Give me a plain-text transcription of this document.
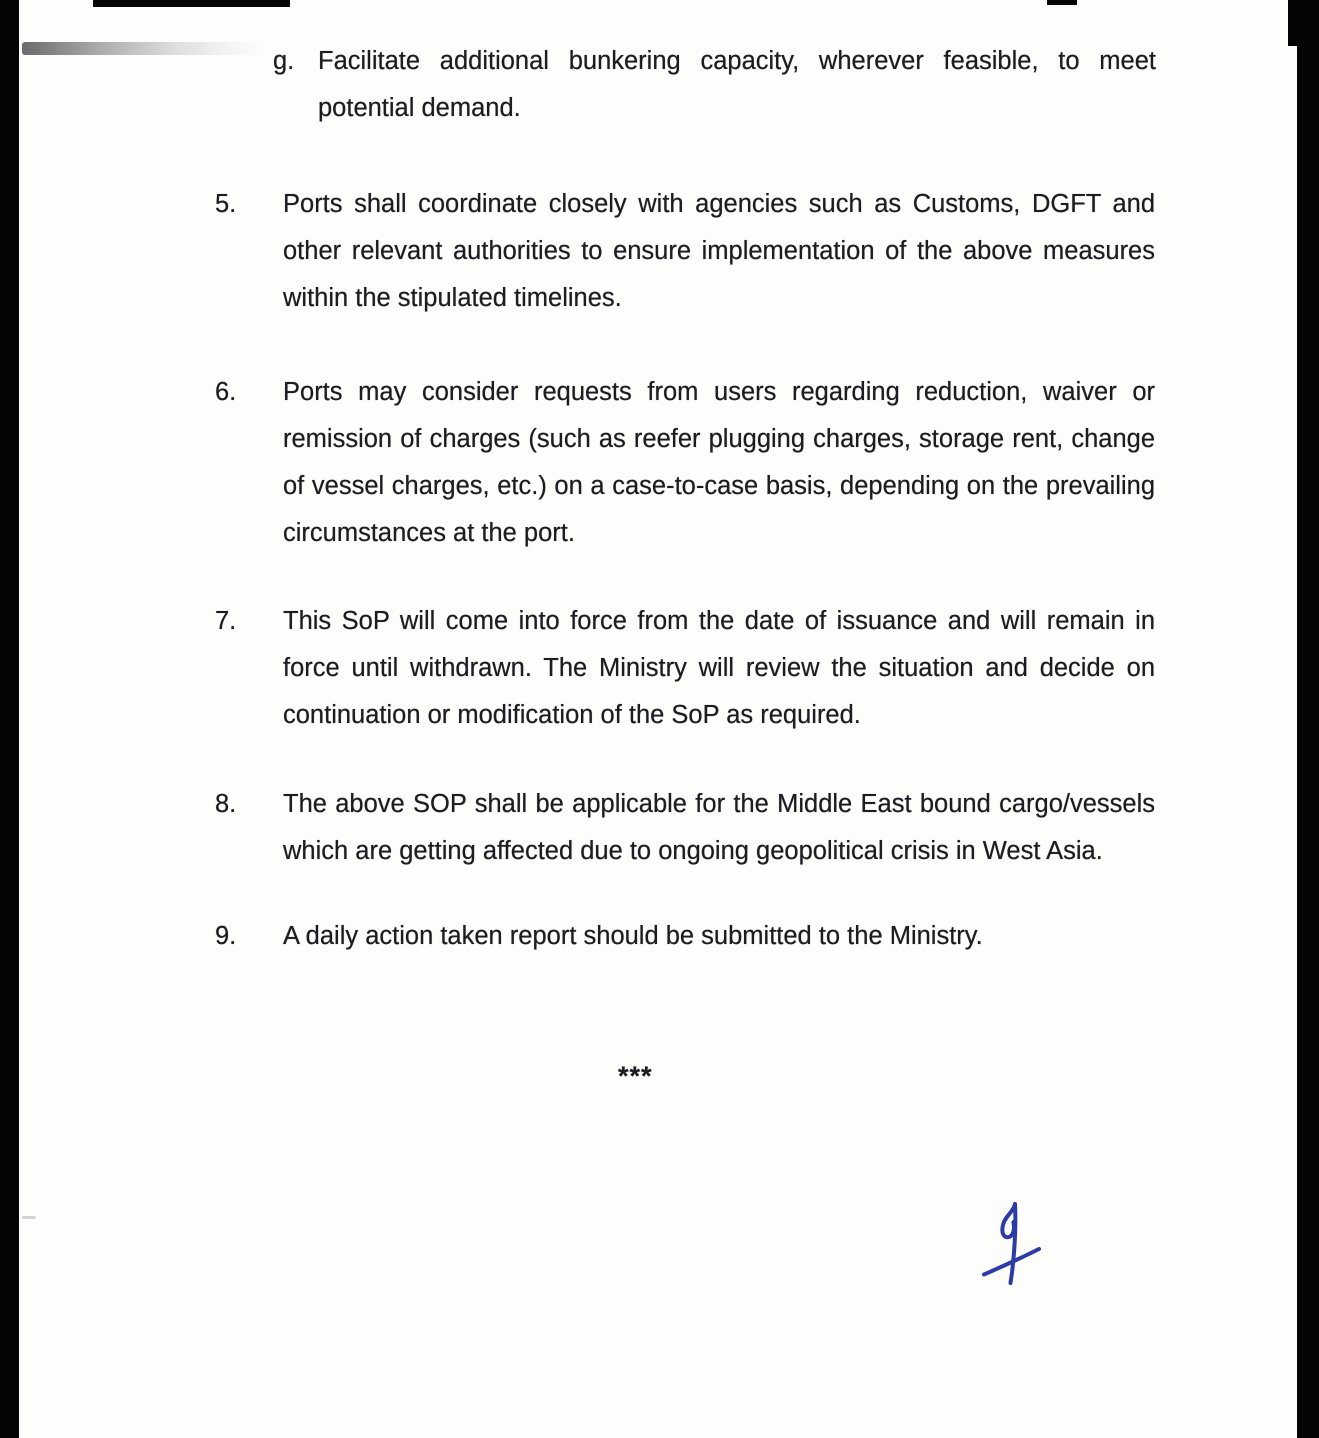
g. Facilitate additional bunkering capacity, wherever feasible, to meet
potential demand.
5. Ports shall coordinate closely with agencies such as Customs, DGFT and
other relevant authorities to ensure implementation of the above measures
within the stipulated timelines.
6. Ports may consider requests from users regarding reduction, waiver or
remission of charges (such as reefer plugging charges, storage rent, change
of vessel charges, etc.) on a case-to-case basis, depending on the prevailing
circumstances at the port.
7. This SoP will come into force from the date of issuance and will remain in
force until withdrawn. The Ministry will review the situation and decide on
continuation or modification of the SoP as required.
8. The above SOP shall be applicable for the Middle East bound cargo/vessels
which are getting affected due to ongoing geopolitical crisis in West Asia.
9. A daily action taken report should be submitted to the Ministry.
***
